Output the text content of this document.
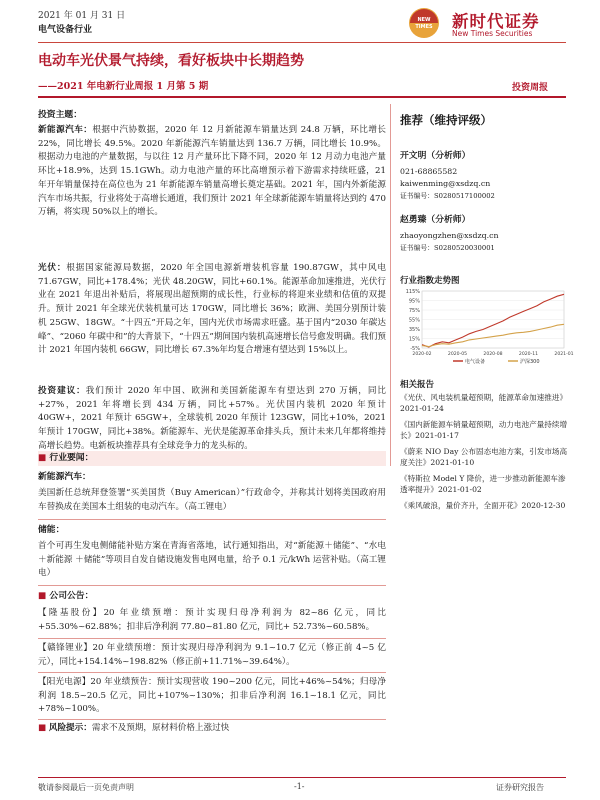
2021 年 01 月 31 日
电气设备行业
NEW
TIMES 新时代证券
New Times Securities
电动车光伏景气持续，看好板块中长期趋势
——2021 年电新行业周报 1 月第 5 期	投资周报
投资主题：
新能源汽车：根据中汽协数据，2020 年 12 月新能源车销量达到 24.8 万辆，环比增长 22%，同比增长 49.5%。2020 年新能源汽车销量达到 136.7 万辆，同比增长 10.9%。根据动力电池的产量数据，与以往 12 月产量环比下降不同，2020 年 12 月动力电池产量环比+18.9%，达到 15.1GWh。动力电池产量的环比高增预示着下游需求持续旺盛，21 年开年销量保持在高位也为 21 年新能源车销量高增长奠定基础。2021 年，国内外新能源汽车市场共振，行业将处于高增长通道，我们预计 2021 年全球新能源车销量将达到约 470 万辆，将实现 50%以上的增长。
光伏：根据国家能源局数据，2020 年全国电源新增装机容量 190.87GW，其中风电 71.67GW，同比+178.4%；光伏 48.20GW，同比+60.1%。能源革命加速推进，光伏行业在 2021 年退出补贴后，将展现出超预期的成长性，行业标的将迎来业绩和估值的双提升。预计 2021 年全球光伏装机量可达 170GW，同比增长 36%；欧洲、美国分别预计装机 25GW、18GW。“十四五”开局之年，国内光伏市场需求旺盛。基于国内“2030 年碳达峰”、“2060 年碳中和”的大背景下，“十四五”期间国内装机高速增长信号愈发明确。我们预计 2021 年国内装机 66GW，同比增长 67.3%年均复合增速有望达到 15%以上。
投资建议：我们预计 2020 年中国、欧洲和美国新能源车有望达到 270 万辆，同比+27%，2021 年将增长到 434 万辆，同比+57%。光伏国内装机 2020 年预计 40GW+，2021 年预计 65GW+，全球装机 2020 年预计 123GW，同比+10%，2021 年预计 170GW，同比+38%。新能源车、光伏是能源革命排头兵，预计未来几年都将维持高增长趋势。电新板块推荐具有全球竞争力的龙头标的。
■ 行业要闻：
新能源汽车：
美国新任总统拜登签署“买美国货（Buy American）”行政命令，并称其计划将美国政府用车替换成在美国本土组装的电动汽车。（高工锂电）
储能：
首个可再生发电侧储能补贴方案在青海省落地，试行通知指出，对“新能源＋储能”、“水电＋新能源 ＋储能”等项目自发自储设施发售电网电量，给予 0.1 元/kWh 运营补贴。（高工锂电）
■ 公司公告：
【隆基股份】20 年业绩预增：预计实现归母净利润为 82~86 亿元，同比+55.30%~62.88%；扣非后净利润 77.80~81.80 亿元，同比+ 52.73%~60.58%。
【赣锋锂业】20 年业绩预增：预计实现归母净利润为 9.1~10.7 亿元（修正前 4~5 亿元），同比+154.14%~198.82%（修正前+11.71%~39.64%）。
【阳光电源】20 年业绩预告：预计实现营收 190~200 亿元，同比+46%~54%；归母净利润 18.5~20.5 亿元，同比+107%~130%；扣非后净利润 16.1~18.1 亿元，同比+78%~100%。
■ 风险提示：需求不及预期，原材料价格上涨过快
推荐（维持评级）
开文明（分析师）
021-68865582
kaiwenming@xsdzq.cn
证书编号：S0280517100002
赵勇臻（分析师）
zhaoyongzhen@xsdzq.cn
证书编号：S0280520030001
行业指数走势图
115%
95%
75%
55%
35%
15%
-5%
2020-02	2020-05	2020-08	2020-11	2021-01
电气设备	沪深300
相关报告
《光伏、风电装机量超预期，能源革命加速推进》2021-01-24
《国内新能源车销量超预期，动力电池产量持续增长》2021-01-17
《蔚来 NIO Day 公布固态电池方案，引发市场高度关注》2021-01-10
《特斯拉 Model Y 降价，进一步推动新能源车渗透率提升》2021-01-02
《乘风破浪，量价齐升，全面开花》2020-12-30
敬请参阅最后一页免责声明	-1-	证券研究报告
